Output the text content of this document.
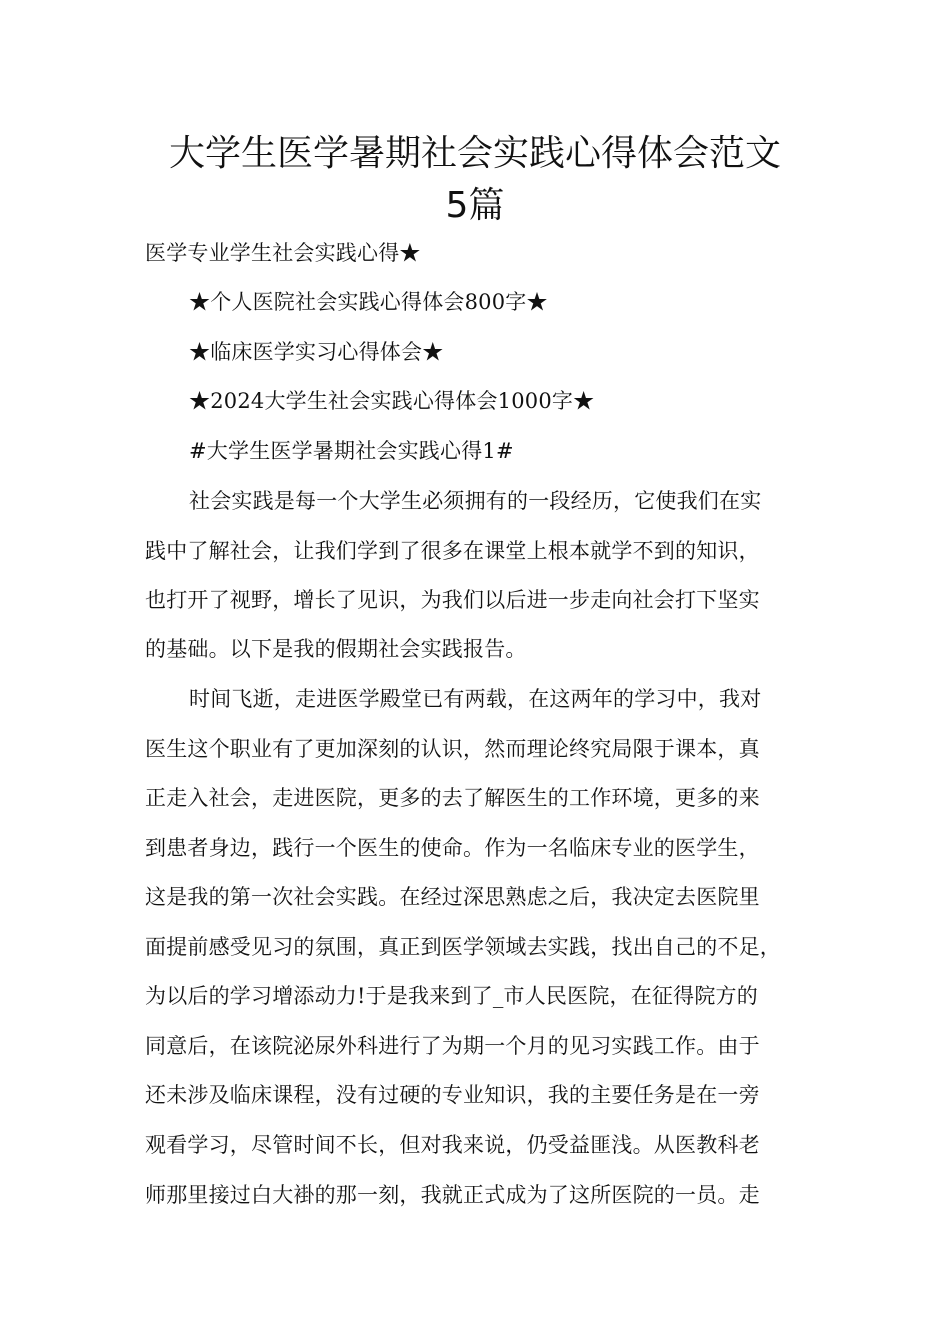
大学生医学暑期社会实践心得体会范文
5篇
医学专业学生社会实践心得★
★个人医院社会实践心得体会800字★
★临床医学实习心得体会★
★2024大学生社会实践心得体会1000字★
#大学生医学暑期社会实践心得1#
社会实践是每一个大学生必须拥有的一段经历，它使我们在实
践中了解社会，让我们学到了很多在课堂上根本就学不到的知识，
也打开了视野，增长了见识，为我们以后进一步走向社会打下坚实
的基础。以下是我的假期社会实践报告。
时间飞逝，走进医学殿堂已有两载，在这两年的学习中，我对
医生这个职业有了更加深刻的认识，然而理论终究局限于课本，真
正走入社会，走进医院，更多的去了解医生的工作环境，更多的来
到患者身边，践行一个医生的使命。作为一名临床专业的医学生，
这是我的第一次社会实践。在经过深思熟虑之后，我决定去医院里
面提前感受见习的氛围，真正到医学领域去实践，找出自己的不足，
为以后的学习增添动力!于是我来到了_市人民医院，在征得院方的
同意后，在该院泌尿外科进行了为期一个月的见习实践工作。由于
还未涉及临床课程，没有过硬的专业知识，我的主要任务是在一旁
观看学习，尽管时间不长，但对我来说，仍受益匪浅。从医教科老
师那里接过白大褂的那一刻，我就正式成为了这所医院的一员。走
